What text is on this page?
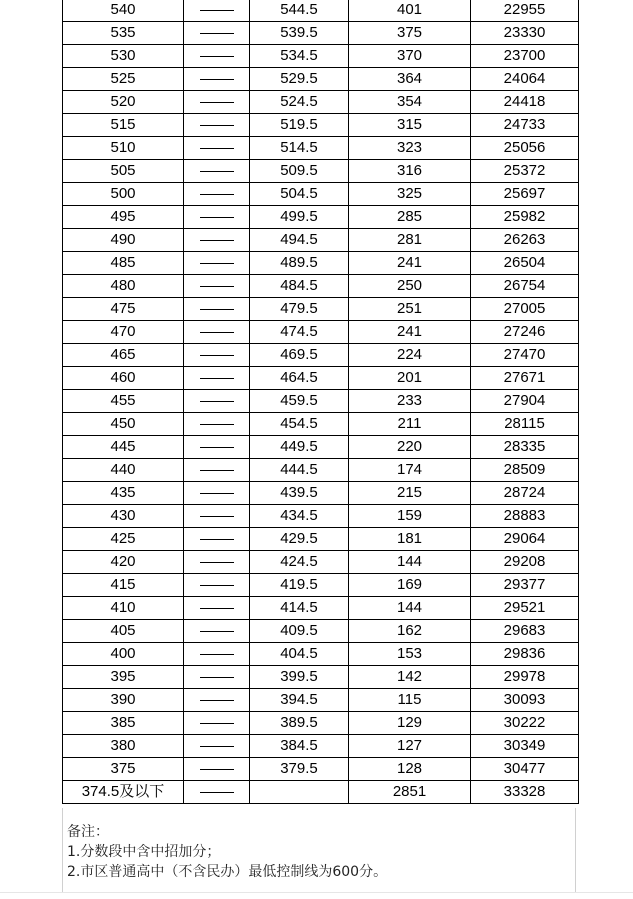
540		544.5	401	22955
535		539.5	375	23330
530		534.5	370	23700
525		529.5	364	24064
520		524.5	354	24418
515		519.5	315	24733
510		514.5	323	25056
505		509.5	316	25372
500		504.5	325	25697
495		499.5	285	25982
490		494.5	281	26263
485		489.5	241	26504
480		484.5	250	26754
475		479.5	251	27005
470		474.5	241	27246
465		469.5	224	27470
460		464.5	201	27671
455		459.5	233	27904
450		454.5	211	28115
445		449.5	220	28335
440		444.5	174	28509
435		439.5	215	28724
430		434.5	159	28883
425		429.5	181	29064
420		424.5	144	29208
415		419.5	169	29377
410		414.5	144	29521
405		409.5	162	29683
400		404.5	153	29836
395		399.5	142	29978
390		394.5	115	30093
385		389.5	129	30222
380		384.5	127	30349
375		379.5	128	30477
374.5及以下			2851	33328
备注：
1.分数段中含中招加分；
2.市区普通高中（不含民办）最低控制线为600分。
